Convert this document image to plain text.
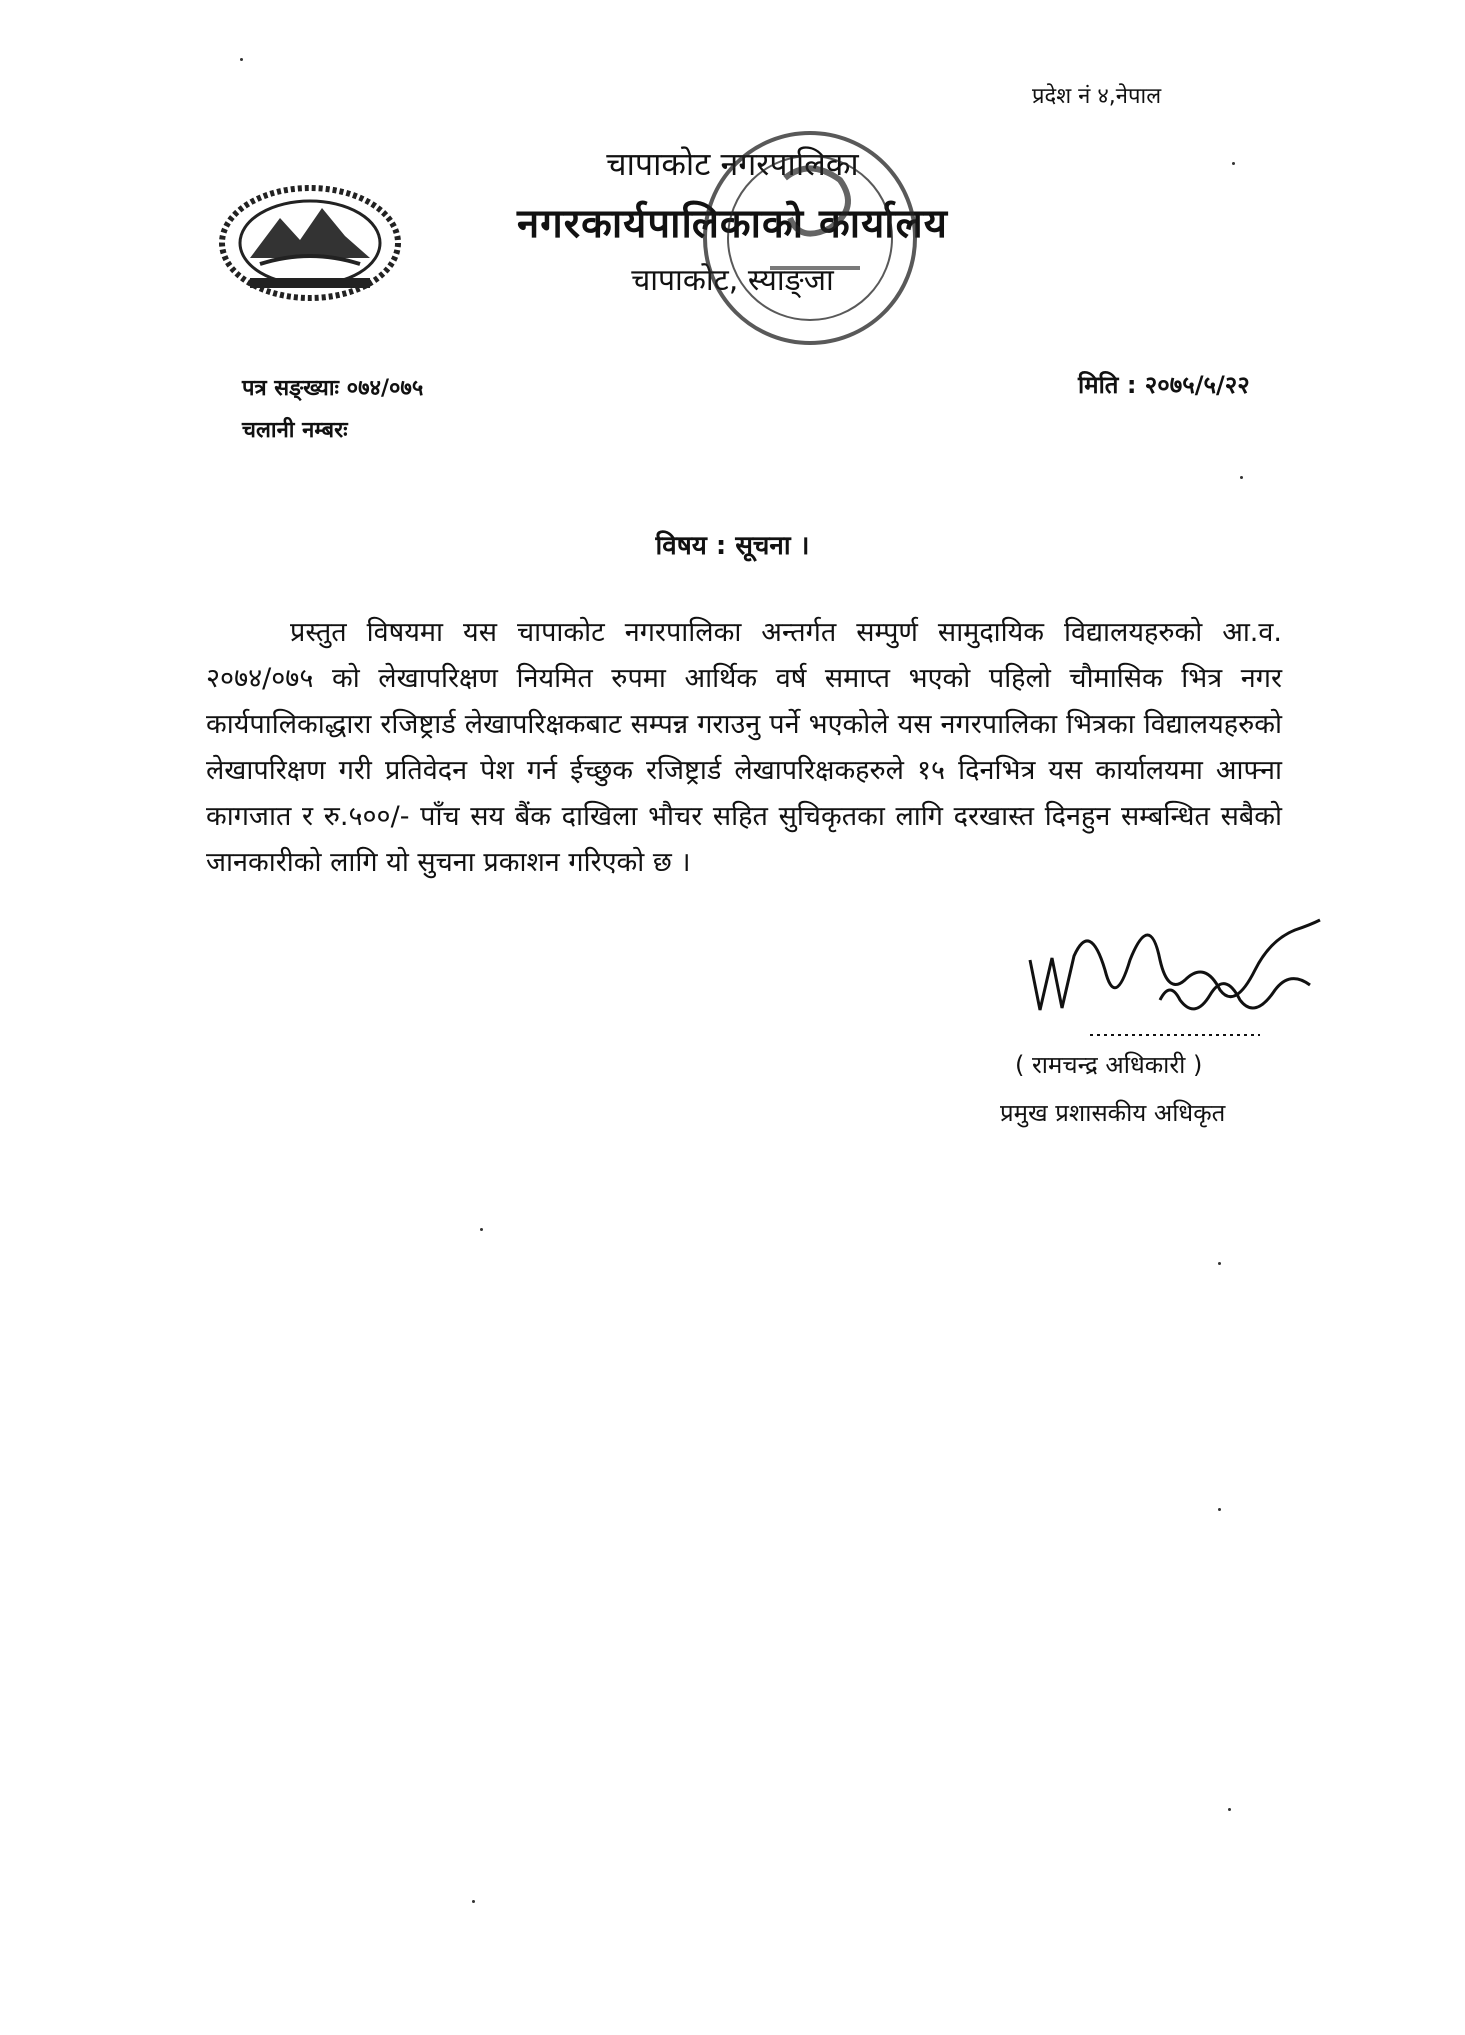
प्रदेश नं ४,नेपाल
चापाकोट नगरपालिका
नगरकार्यपालिकाको कार्यालय
चापाकोट, स्याङ्जा
पत्र सङ्ख्याः ०७४/०७५
चलानी नम्बरः
मिति : २०७५/५/२२
विषय : सूचना ।
प्रस्तुत विषयमा यस चापाकोट नगरपालिका अन्तर्गत सम्पुर्ण सामुदायिक विद्यालयहरुको आ.व. २०७४/०७५ को लेखापरिक्षण नियमित रुपमा आर्थिक वर्ष समाप्त भएको पहिलो चौमासिक भित्र नगर कार्यपालिकाद्धारा रजिष्ट्रार्ड लेखापरिक्षकबाट सम्पन्न गराउनु पर्ने भएकोले यस नगरपालिका भित्रका विद्यालयहरुको लेखापरिक्षण गरी प्रतिवेदन पेश गर्न ईच्छुक रजिष्ट्रार्ड लेखापरिक्षकहरुले १५ दिनभित्र यस कार्यालयमा आफ्ना कागजात र रु.५००/- पाँच सय बैंक दाखिला भौचर सहित सुचिकृतका लागि दरखास्त दिनहुन सम्बन्धित सबैको जानकारीको लागि यो सुचना प्रकाशन गरिएको छ ।
( रामचन्द्र अधिकारी )
प्रमुख प्रशासकीय अधिकृत
